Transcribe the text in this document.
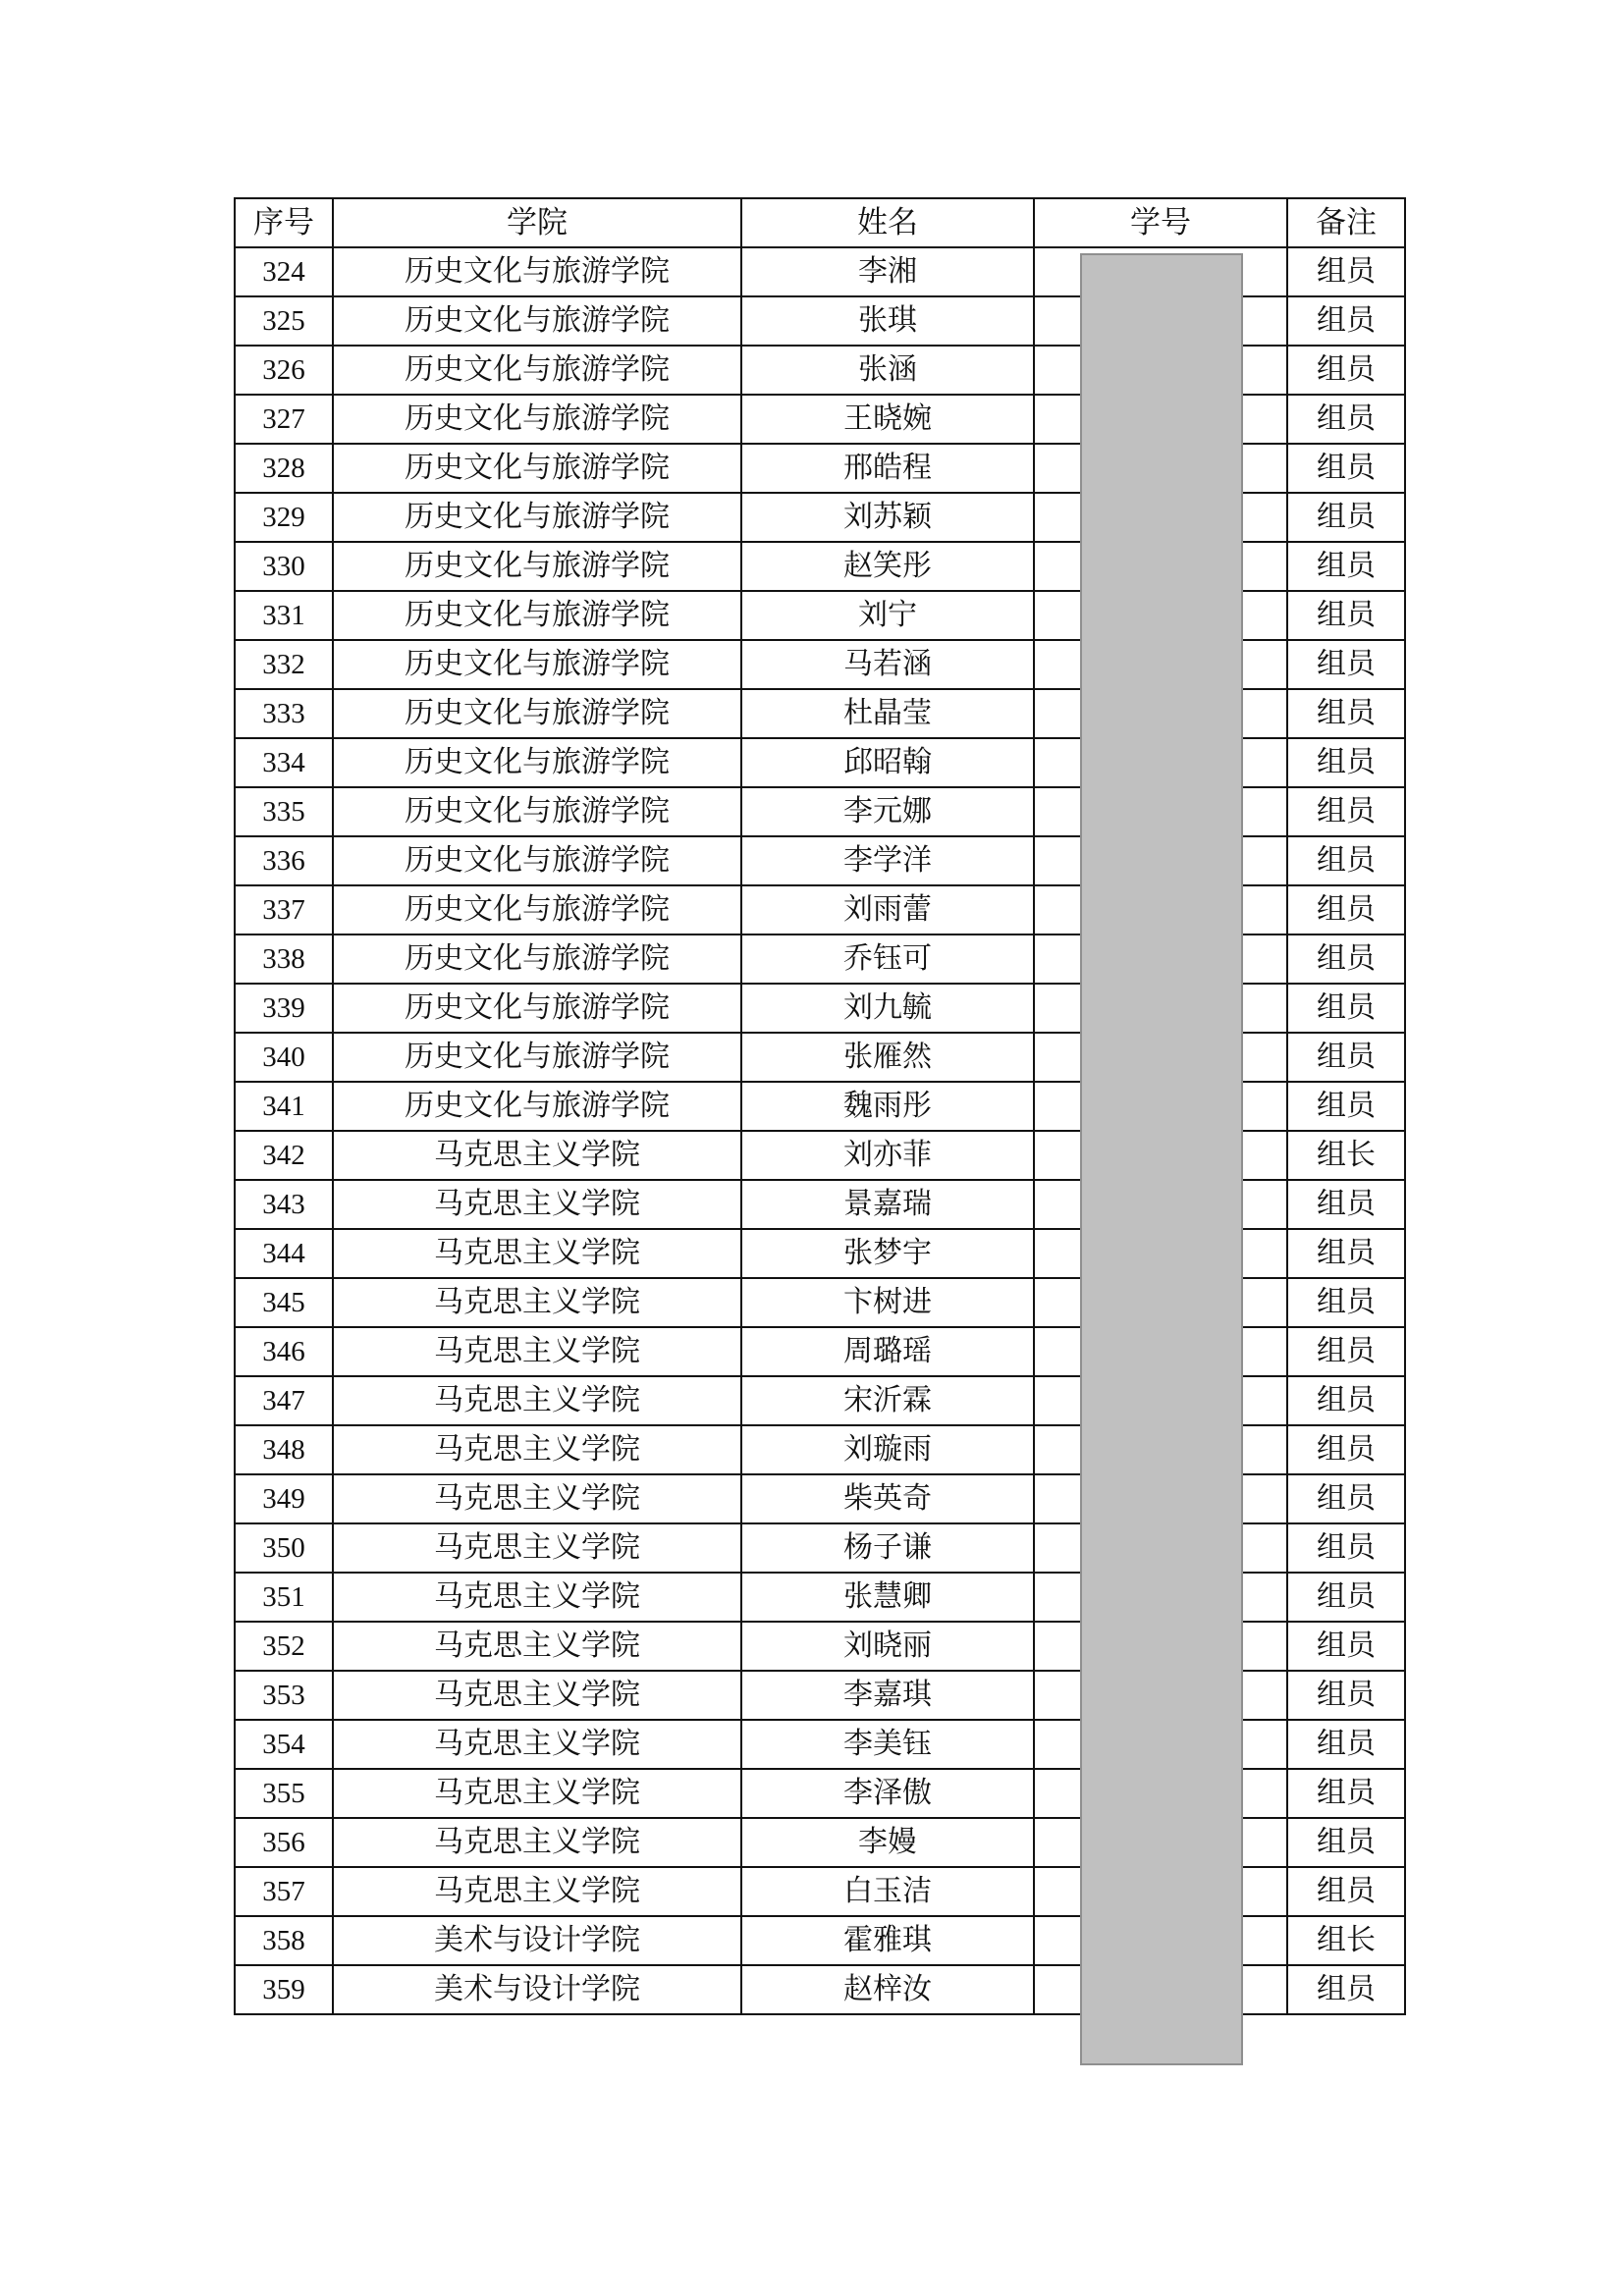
序号	学院	姓名	学号	备注
324	历史文化与旅游学院	李湘		组员
325	历史文化与旅游学院	张琪		组员
326	历史文化与旅游学院	张涵		组员
327	历史文化与旅游学院	王晓婉		组员
328	历史文化与旅游学院	邢皓程		组员
329	历史文化与旅游学院	刘苏颖		组员
330	历史文化与旅游学院	赵笑彤		组员
331	历史文化与旅游学院	刘宁		组员
332	历史文化与旅游学院	马若涵		组员
333	历史文化与旅游学院	杜晶莹		组员
334	历史文化与旅游学院	邱昭翰		组员
335	历史文化与旅游学院	李元娜		组员
336	历史文化与旅游学院	李学洋		组员
337	历史文化与旅游学院	刘雨蕾		组员
338	历史文化与旅游学院	乔钰可		组员
339	历史文化与旅游学院	刘九毓		组员
340	历史文化与旅游学院	张雁然		组员
341	历史文化与旅游学院	魏雨彤		组员
342	马克思主义学院	刘亦菲		组长
343	马克思主义学院	景嘉瑞		组员
344	马克思主义学院	张梦宇		组员
345	马克思主义学院	卞树进		组员
346	马克思主义学院	周璐瑶		组员
347	马克思主义学院	宋沂霖		组员
348	马克思主义学院	刘璇雨		组员
349	马克思主义学院	柴英奇		组员
350	马克思主义学院	杨子谦		组员
351	马克思主义学院	张慧卿		组员
352	马克思主义学院	刘晓丽		组员
353	马克思主义学院	李嘉琪		组员
354	马克思主义学院	李美钰		组员
355	马克思主义学院	李泽傲		组员
356	马克思主义学院	李嫚		组员
357	马克思主义学院	白玉洁		组员
358	美术与设计学院	霍雅琪		组长
359	美术与设计学院	赵梓汝		组员
